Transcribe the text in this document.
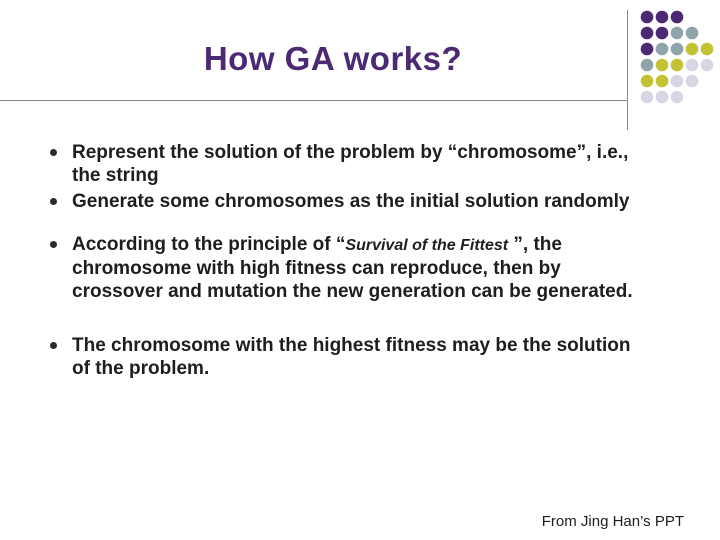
How GA works?
Represent the solution of the problem by “chromosome”, i.e., the string
Generate some chromosomes as the initial solution randomly
According to the principle of “Survival of the Fittest ”, the chromosome with high fitness can reproduce, then by crossover and mutation the new generation can be generated.
The chromosome with the highest fitness may be the solution of the problem.
From Jing Han’s PPT
